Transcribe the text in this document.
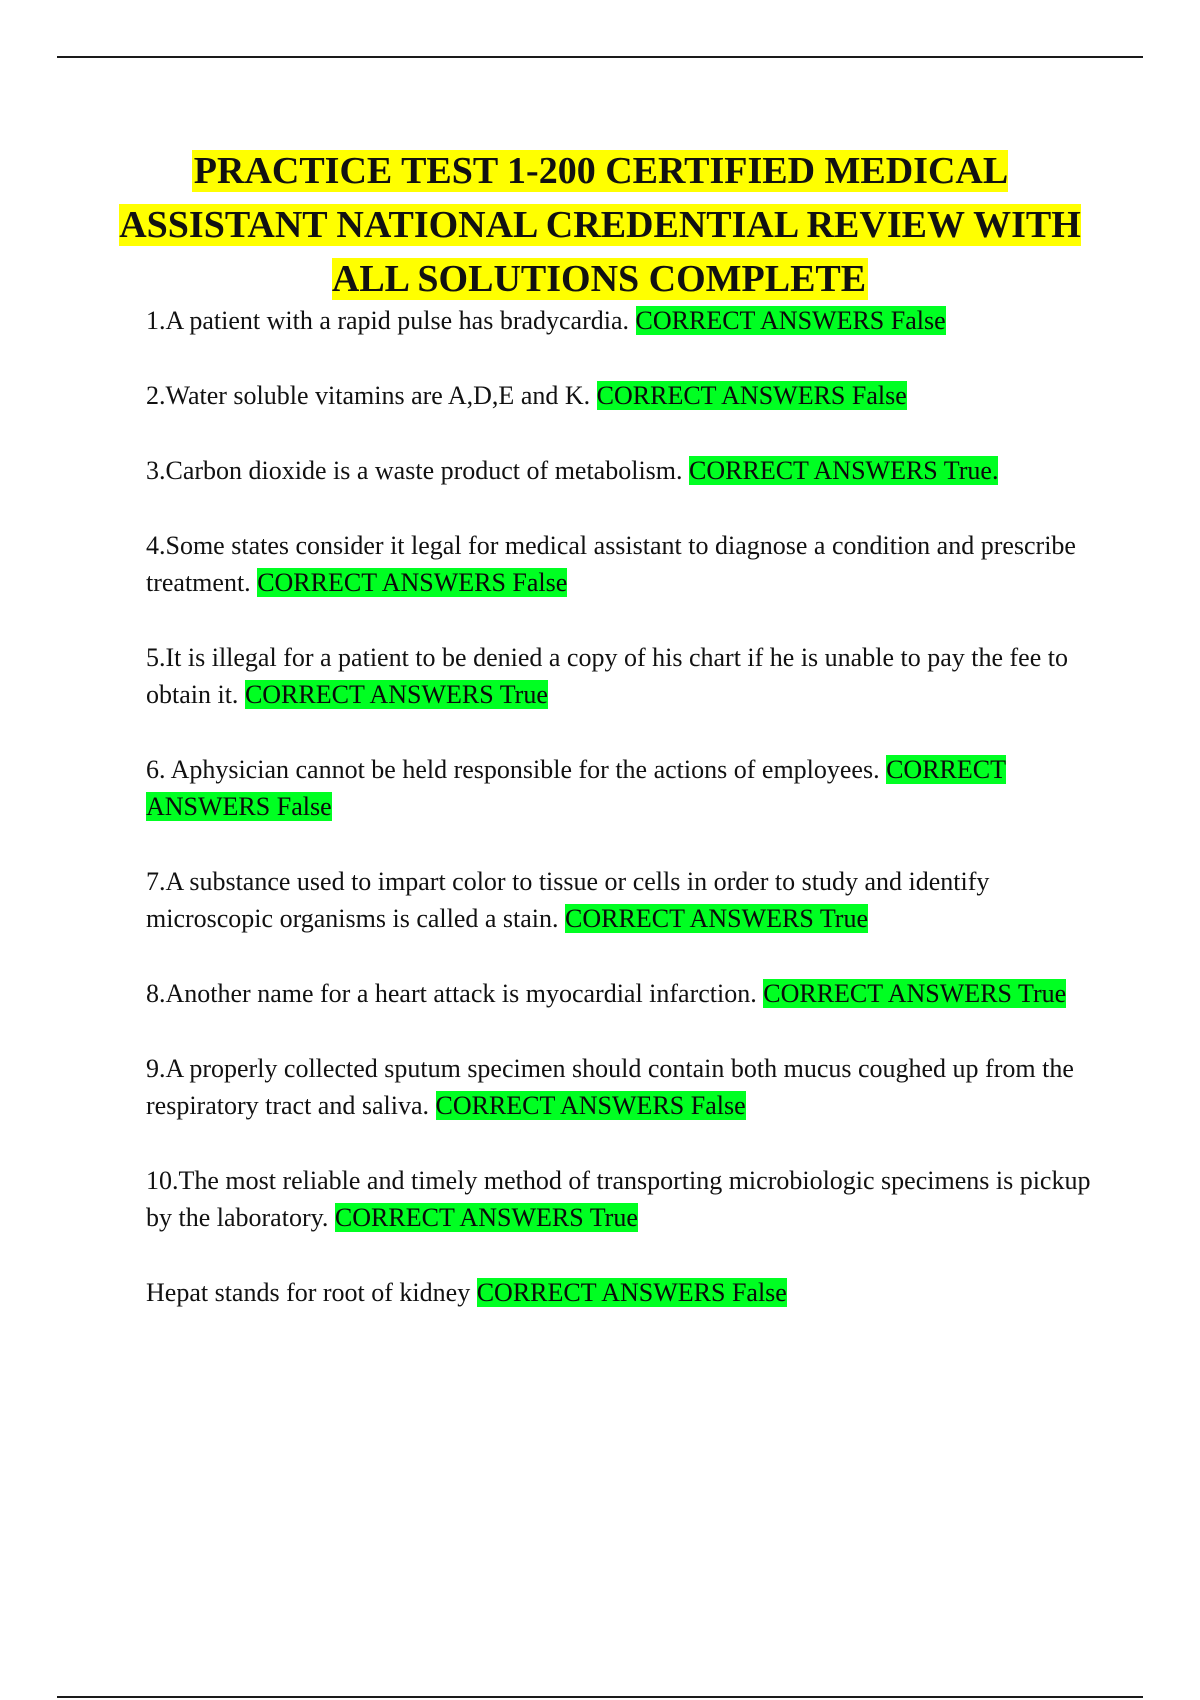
PRACTICE TEST 1-200 CERTIFIED MEDICAL ASSISTANT NATIONAL CREDENTIAL REVIEW WITH ALL SOLUTIONS COMPLETE
1.A patient with a rapid pulse has bradycardia. CORRECT ANSWERS False
2.Water soluble vitamins are A,D,E and K. CORRECT ANSWERS False
3.Carbon dioxide is a waste product of metabolism. CORRECT ANSWERS True.
4.Some states consider it legal for medical assistant to diagnose a condition and prescribe treatment. CORRECT ANSWERS False
5.It is illegal for a patient to be denied a copy of his chart if he is unable to pay the fee to obtain it. CORRECT ANSWERS True
6. Aphysician cannot be held responsible for the actions of employees. CORRECT ANSWERS False
7.A substance used to impart color to tissue or cells in order to study and identify microscopic organisms is called a stain. CORRECT ANSWERS True
8.Another name for a heart attack is myocardial infarction. CORRECT ANSWERS True
9.A properly collected sputum specimen should contain both mucus coughed up from the respiratory tract and saliva. CORRECT ANSWERS False
10.The most reliable and timely method of transporting microbiologic specimens is pickup by the laboratory. CORRECT ANSWERS True
Hepat stands for root of kidney CORRECT ANSWERS False
